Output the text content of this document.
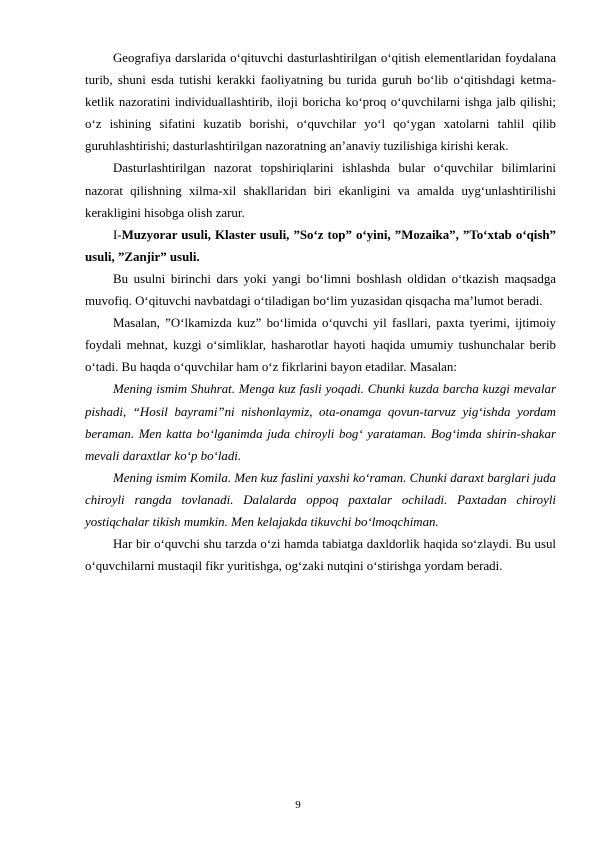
Geografiya darslarida o‘qituvchi dasturlashtirilgan o‘qitish elementlaridan foydalana turib, shuni esda tutishi kerakki faoliyatning bu turida guruh bo‘lib o‘qitishdagi ketma-ketlik nazoratini individuallashtirib, iloji boricha ko‘proq o‘quvchilarni ishga jalb qilishi; o‘z ishining sifatini kuzatib borishi, o‘quvchilar yo‘l qo‘ygan xatolarni tahlil qilib guruhlashtirishi; dasturlashtirilgan nazoratning an’anaviy tuzilishiga kirishi kerak.

Dasturlashtirilgan nazorat topshiriqlarini ishlashda bular o‘quvchilar bilimlarini nazorat qilishning xilma-xil shakllaridan biri ekanligini va amalda uyg‘unlashtirilishi kerakligini hisobga olish zarur.

I-Muzyorar usuli, Klaster usuli, ”So‘z top” o‘yini, ”Mozaika”, ”To‘xtab o‘qish” usuli, ”Zanjir” usuli.

Bu usulni birinchi dars yoki yangi bo‘limni boshlash oldidan o‘tkazish maqsadga muvofiq. O‘qituvchi navbatdagi o‘tiladigan bo‘lim yuzasidan qisqacha ma’lumot beradi.

Masalan, ”O‘lkamizda kuz” bo‘limida o‘quvchi yil fasllari, paxta tyerimi, ijtimoiy foydali mehnat, kuzgi o‘simliklar, hasharotlar hayoti haqida umumiy tushunchalar berib o‘tadi. Bu haqda o‘quvchilar ham o‘z fikrlarini bayon etadilar. Masalan:

Mening ismim Shuhrat. Menga kuz fasli yoqadi. Chunki kuzda barcha kuzgi mevalar pishadi, “Hosil bayrami”ni nishonlaymiz, ota-onamga qovun-tarvuz yig‘ishda yordam beraman. Men katta bo‘lganimda juda chiroyli bog‘ yarataman. Bog‘imda shirin-shakar mevali daraxtlar ko‘p bo‘ladi.

Mening ismim Komila. Men kuz faslini yaxshi ko‘raman. Chunki daraxt barglari juda chiroyli rangda tovlanadi. Dalalarda oppoq paxtalar ochiladi. Paxtadan chiroyli yostiqchalar tikish mumkin. Men kelajakda tikuvchi bo‘lmoqchiman.

Har bir o‘quvchi shu tarzda o‘zi hamda tabiatga daxldorlik haqida so‘zlaydi. Bu usul o‘quvchilarni mustaqil fikr yuritishga, og‘zaki nutqini o‘stirishga yordam beradi.

9
